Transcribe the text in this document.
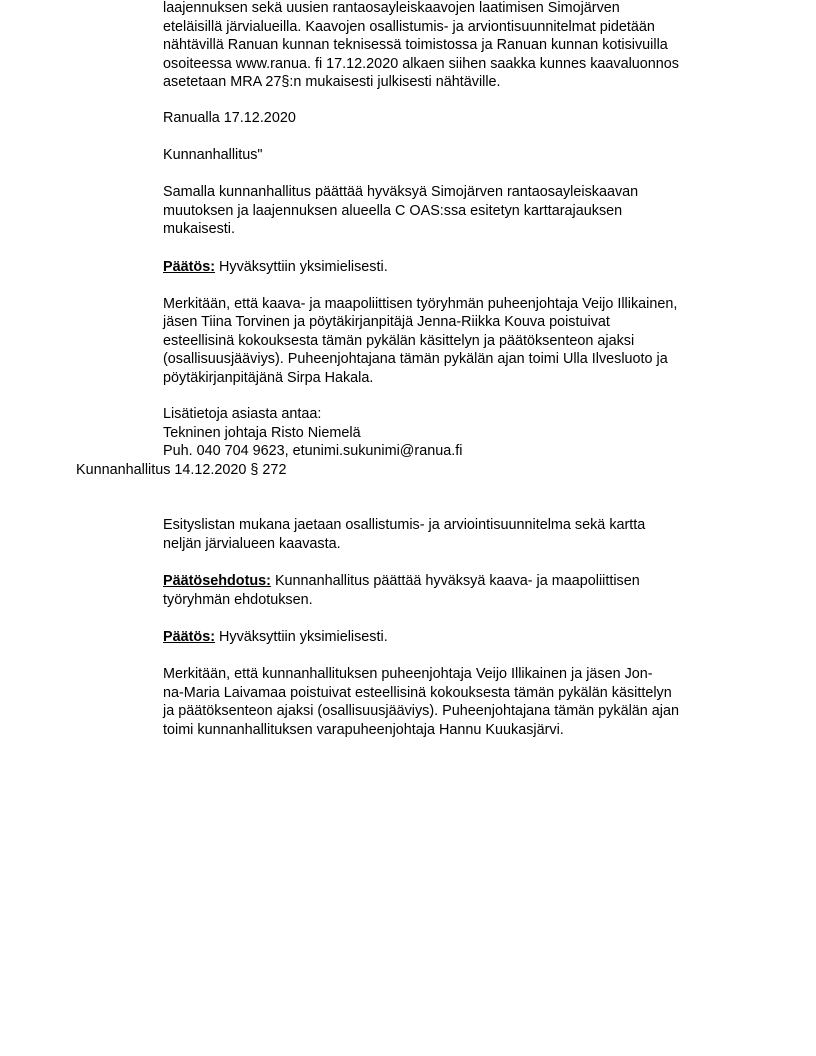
laajennuksen sekä uusien rantaosayleiskaavojen laatimisen Simojärven
eteläisillä järvialueilla. Kaavojen osallistumis- ja arviontisuunnitelmat pidetään
nähtävillä Ranuan kunnan teknisessä toimistossa ja Ranuan kunnan kotisivuilla
osoiteessa www.ranua. fi 17.12.2020 alkaen siihen saakka kunnes kaavaluonnos
asetetaan MRA 27§:n mukaisesti julkisesti nähtäville.
Ranualla 17.12.2020
Kunnanhallitus"
Samalla kunnanhallitus päättää hyväksyä Simojärven rantaosayleiskaavan
muutoksen ja laajennuksen alueella C OAS:ssa esitetyn karttarajauksen
mukaisesti.
Päätös: Hyväksyttiin yksimielisesti.
Merkitään, että kaava- ja maapoliittisen työryhmän puheenjohtaja Veijo Illikainen,
jäsen Tiina Torvinen ja pöytäkirjanpitäjä Jenna-Riikka Kouva poistuivat
esteellisinä kokouksesta tämän pykälän käsittelyn ja päätöksenteon ajaksi
(osallisuusjääviys). Puheenjohtajana tämän pykälän ajan toimi Ulla Ilvesluoto ja
pöytäkirjanpitäjänä Sirpa Hakala.
Lisätietoja asiasta antaa:
Tekninen johtaja Risto Niemelä
Puh. 040 704 9623, etunimi.sukunimi@ranua.fi
Kunnanhallitus 14.12.2020 § 272
Esityslistan mukana jaetaan osallistumis- ja arviointisuunnitelma sekä kartta
neljän järvialueen kaavasta.
Päätösehdotus: Kunnanhallitus päättää hyväksyä kaava- ja maapoliittisen
työryhmän ehdotuksen.
Päätös: Hyväksyttiin yksimielisesti.
Merkitään, että kunnanhallituksen puheenjohtaja Veijo Illikainen ja jäsen Jon-
na-Maria Laivamaa poistuivat esteellisinä kokouksesta tämän pykälän käsittelyn
ja päätöksenteon ajaksi (osallisuusjääviys). Puheenjohtajana tämän pykälän ajan
toimi kunnanhallituksen varapuheenjohtaja Hannu Kuukasjärvi.
